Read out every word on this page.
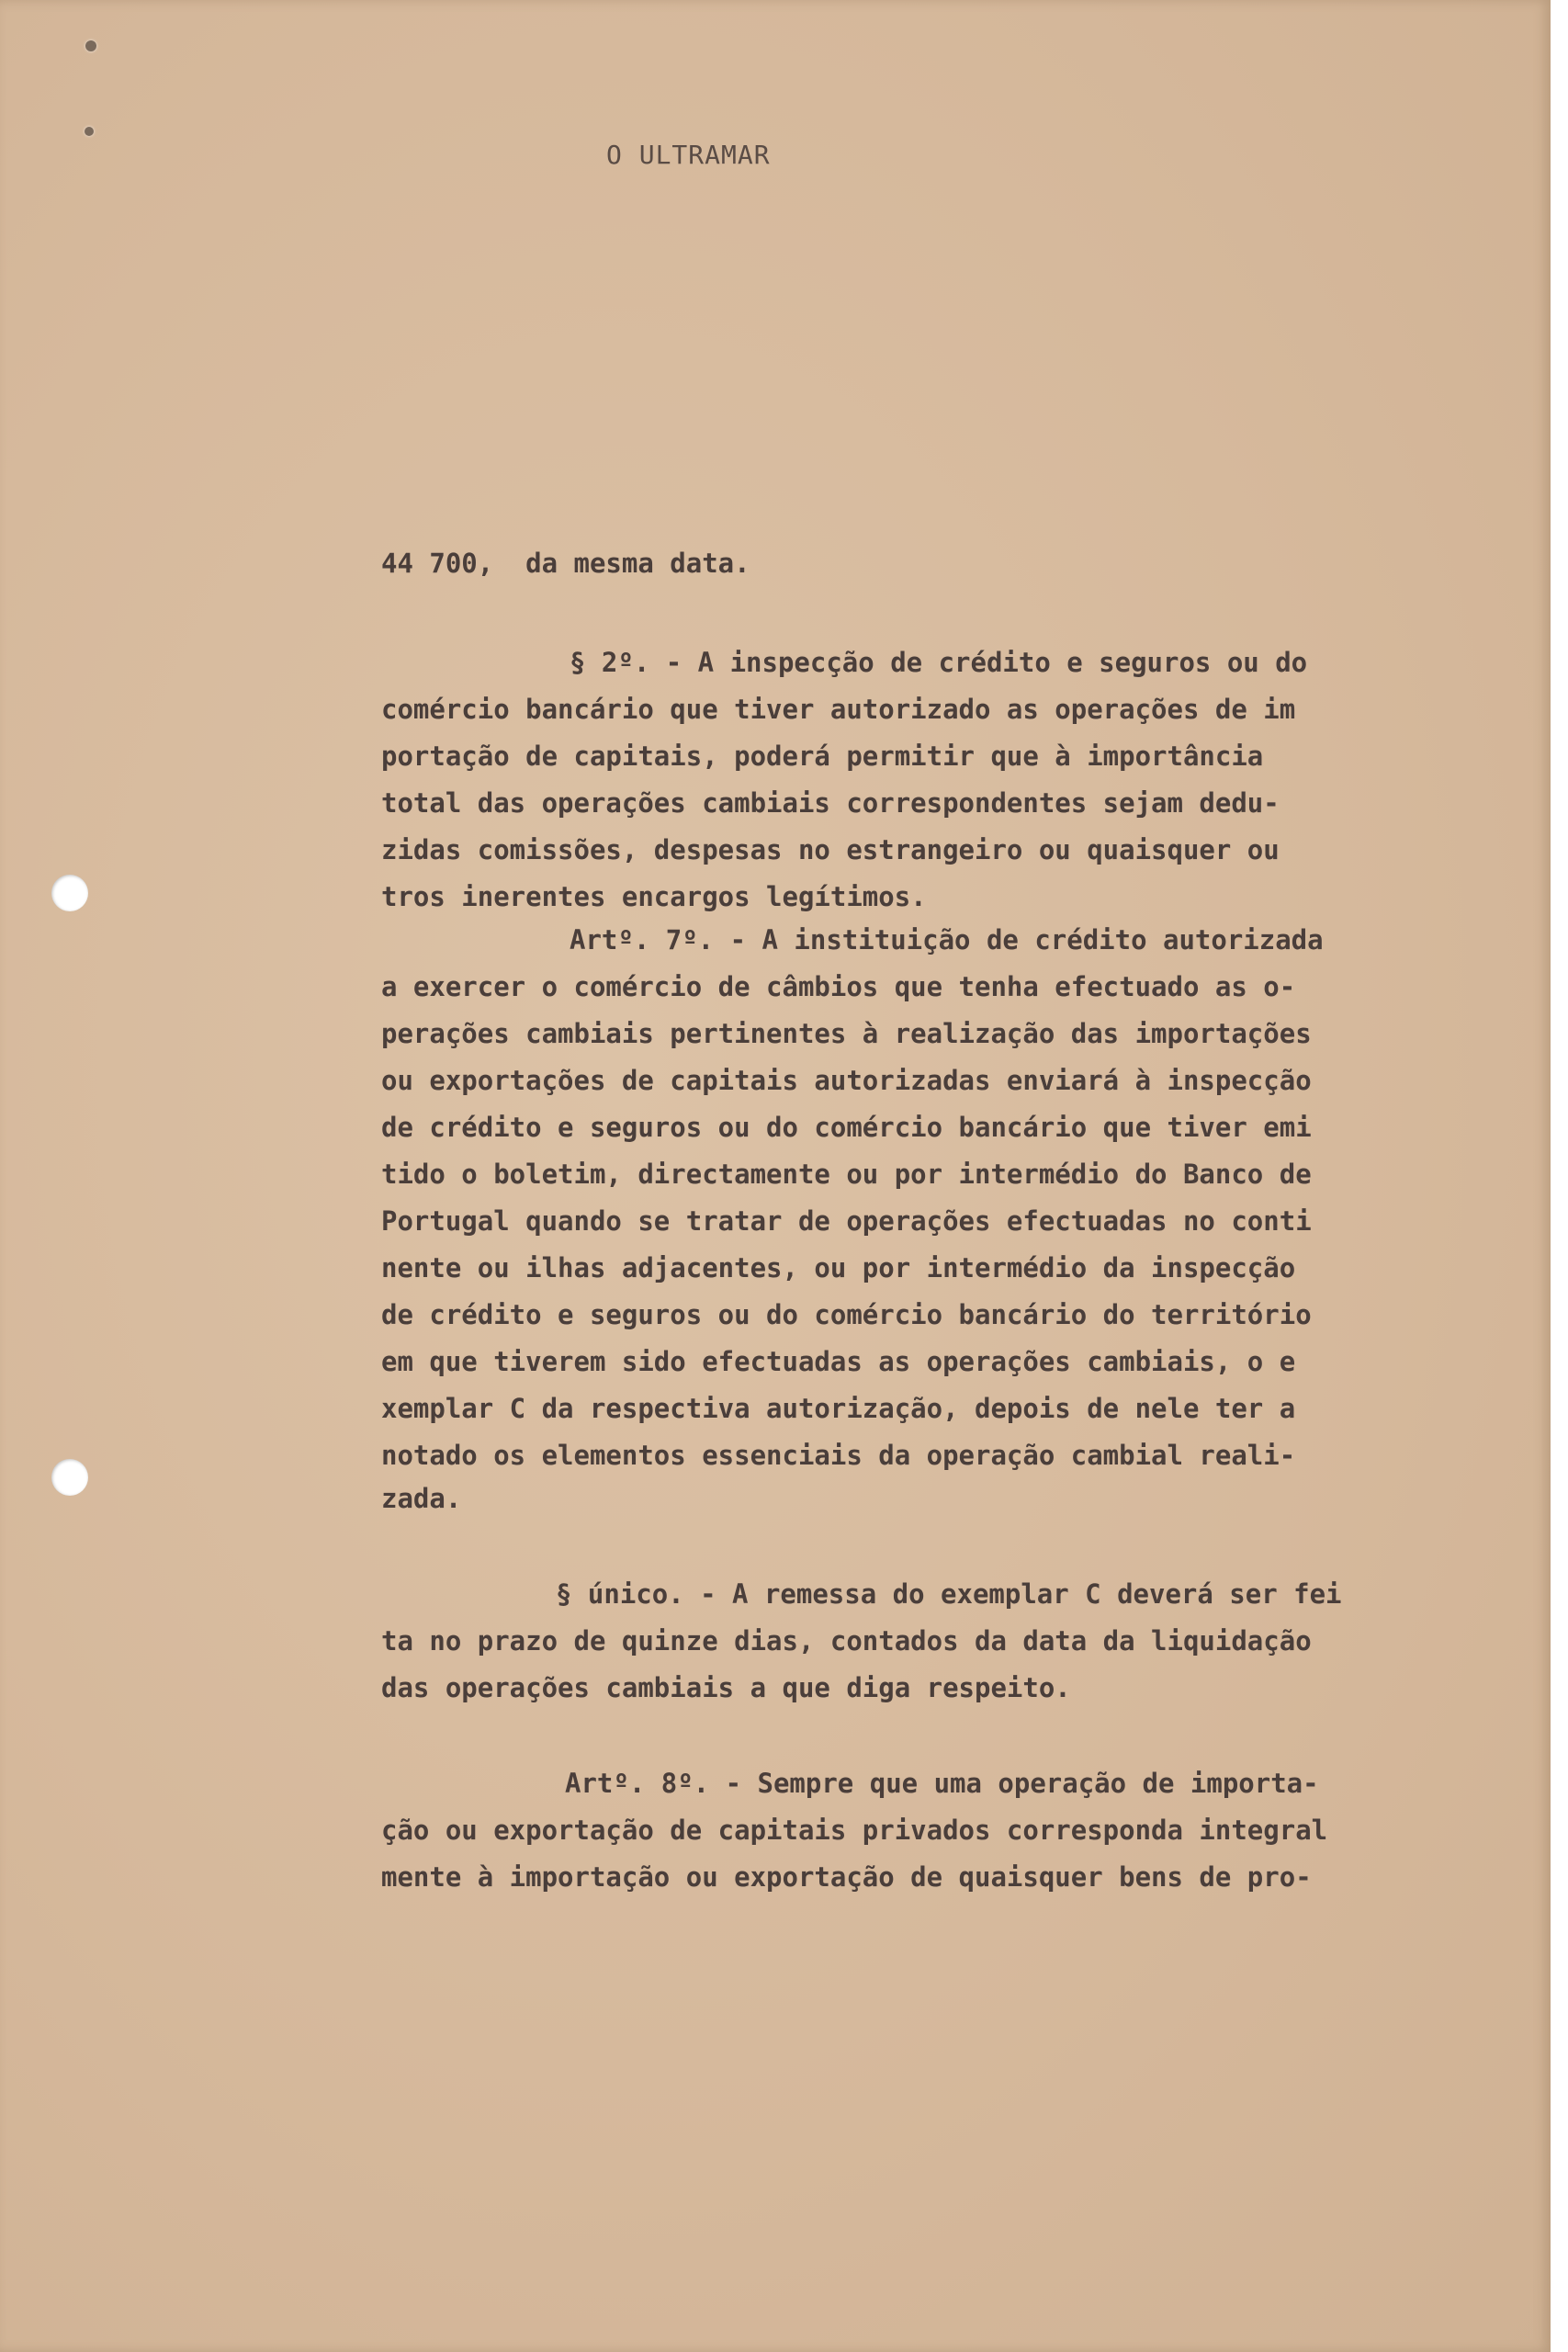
O ULTRAMAR
44 700,  da mesma data.
§ 2º. - A inspecção de crédito e seguros ou do
comércio bancário que tiver autorizado as operações de im
portação de capitais, poderá permitir que à importância
total das operações cambiais correspondentes sejam dedu-
zidas comissões, despesas no estrangeiro ou quaisquer ou
tros inerentes encargos legítimos.
Artº. 7º. - A instituição de crédito autorizada
a exercer o comércio de câmbios que tenha efectuado as o-
perações cambiais pertinentes à realização das importações
ou exportações de capitais autorizadas enviará à inspecção
de crédito e seguros ou do comércio bancário que tiver emi
tido o boletim, directamente ou por intermédio do Banco de
Portugal quando se tratar de operações efectuadas no conti
nente ou ilhas adjacentes, ou por intermédio da inspecção
de crédito e seguros ou do comércio bancário do território
em que tiverem sido efectuadas as operações cambiais, o e
xemplar C da respectiva autorização, depois de nele ter a
notado os elementos essenciais da operação cambial reali-
zada.
§ único. - A remessa do exemplar C deverá ser fei
ta no prazo de quinze dias, contados da data da liquidação
das operações cambiais a que diga respeito.
Artº. 8º. - Sempre que uma operação de importa-
ção ou exportação de capitais privados corresponda integral
mente à importação ou exportação de quaisquer bens de pro-
